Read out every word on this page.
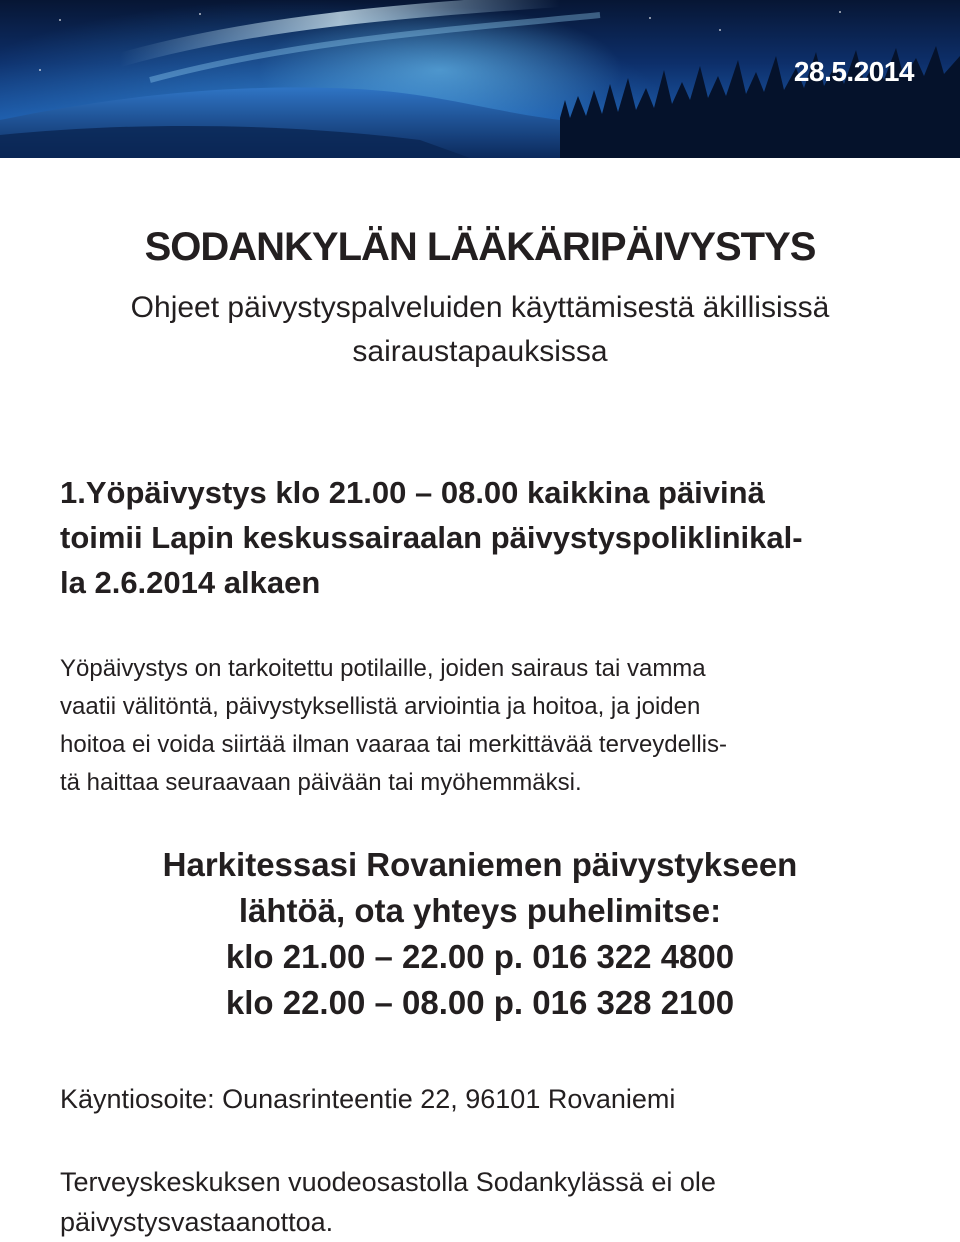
28.5.2014
SODANKYLÄN LÄÄKÄRIPÄIVYSTYS
Ohjeet päivystyspalveluiden käyttämisestä äkillisissä
sairaustapauksissa
1.Yöpäivystys klo 21.00 – 08.00 kaikkina päivinä
toimii Lapin keskussairaalan päivystyspoliklinikal-
la 2.6.2014 alkaen
Yöpäivystys on tarkoitettu potilaille, joiden sairaus tai vamma
vaatii välitöntä, päivystyksellistä arviointia ja hoitoa, ja joiden
hoitoa ei voida siirtää ilman vaaraa tai merkittävää terveydellis-
tä haittaa seuraavaan päivään tai myöhemmäksi.
Harkitessasi Rovaniemen päivystykseen
lähtöä, ota yhteys puhelimitse:
klo 21.00 – 22.00 p. 016 322 4800
klo 22.00 – 08.00 p. 016 328 2100
Käyntiosoite: Ounasrinteentie 22, 96101 Rovaniemi
Terveyskeskuksen vuodeosastolla Sodankylässä ei ole
päivystysvastaanottoa.
